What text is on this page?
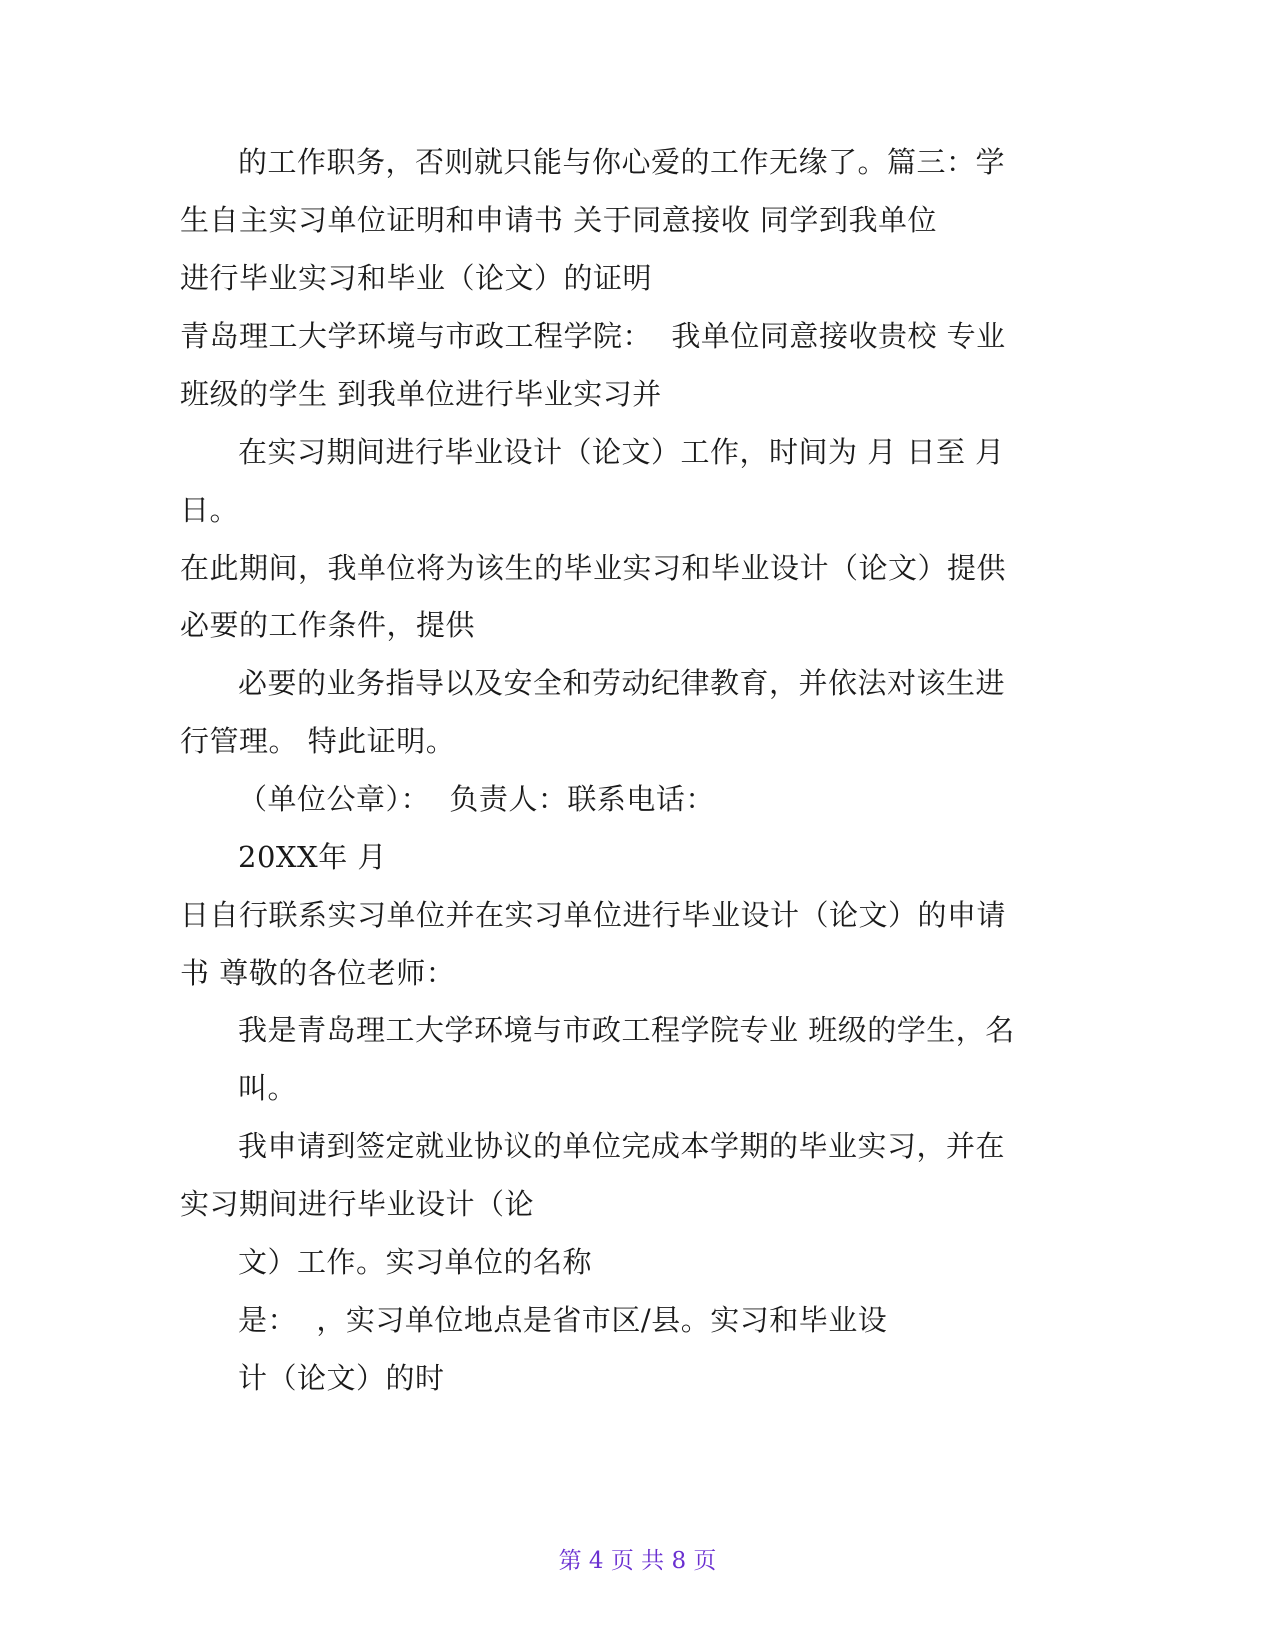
的工作职务，否则就只能与你心爱的工作无缘了。篇三：学
生自主实习单位证明和申请书 关于同意接收 同学到我单位
进行毕业实习和毕业（论文）的证明
青岛理工大学环境与市政工程学院：  我单位同意接收贵校 专业
班级的学生 到我单位进行毕业实习并
在实习期间进行毕业设计（论文）工作，时间为 月 日至 月
日。
在此期间，我单位将为该生的毕业实习和毕业设计（论文）提供
必要的工作条件，提供
必要的业务指导以及安全和劳动纪律教育，并依法对该生进
行管理。 特此证明。
（单位公章）：  负责人：联系电话：
20XX年 月
日自行联系实习单位并在实习单位进行毕业设计（论文）的申请
书 尊敬的各位老师：
我是青岛理工大学环境与市政工程学院专业 班级的学生，名
叫。
我申请到签定就业协议的单位完成本学期的毕业实习，并在
实习期间进行毕业设计（论
文）工作。实习单位的名称
是：  ，实习单位地点是省市区/县。实习和毕业设
计（论文）的时
第 4 页 共 8 页
